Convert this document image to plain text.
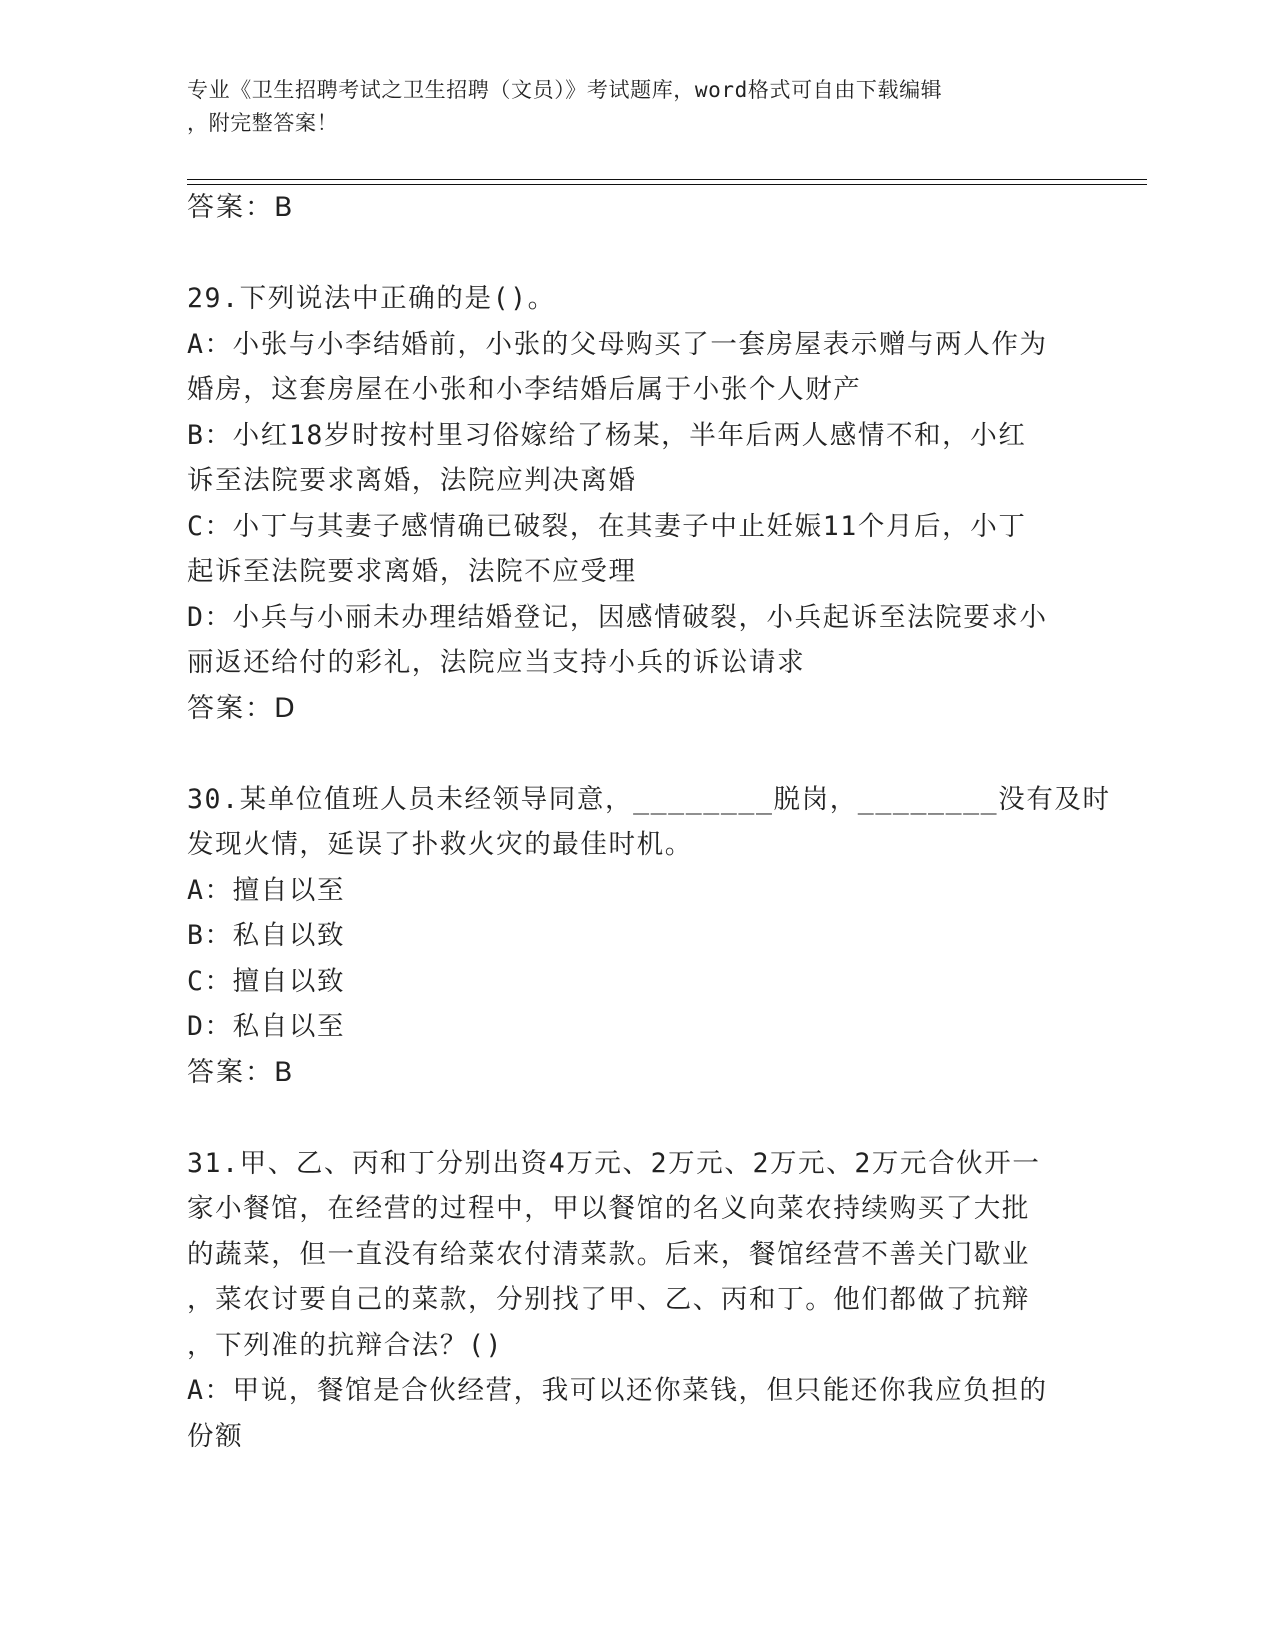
专业《卫生招聘考试之卫生招聘（文员）》考试题库，word格式可自由下载编辑
，附完整答案！
答案：B
29.下列说法中正确的是()。
A：小张与小李结婚前，小张的父母购买了一套房屋表示赠与两人作为
婚房，这套房屋在小张和小李结婚后属于小张个人财产
B：小红18岁时按村里习俗嫁给了杨某，半年后两人感情不和，小红
诉至法院要求离婚，法院应判决离婚
C：小丁与其妻子感情确已破裂，在其妻子中止妊娠11个月后，小丁
起诉至法院要求离婚，法院不应受理
D：小兵与小丽未办理结婚登记，因感情破裂，小兵起诉至法院要求小
丽返还给付的彩礼，法院应当支持小兵的诉讼请求
答案：D
30.某单位值班人员未经领导同意，________脱岗，________没有及时
发现火情，延误了扑救火灾的最佳时机。
A：擅自以至
B：私自以致
C：擅自以致
D：私自以至
答案：B
31.甲、乙、丙和丁分别出资4万元、2万元、2万元、2万元合伙开一
家小餐馆，在经营的过程中，甲以餐馆的名义向菜农持续购买了大批
的蔬菜，但一直没有给菜农付清菜款。后来，餐馆经营不善关门歇业
，菜农讨要自己的菜款，分别找了甲、乙、丙和丁。他们都做了抗辩
，下列准的抗辩合法？()
A：甲说，餐馆是合伙经营，我可以还你菜钱，但只能还你我应负担的
份额
